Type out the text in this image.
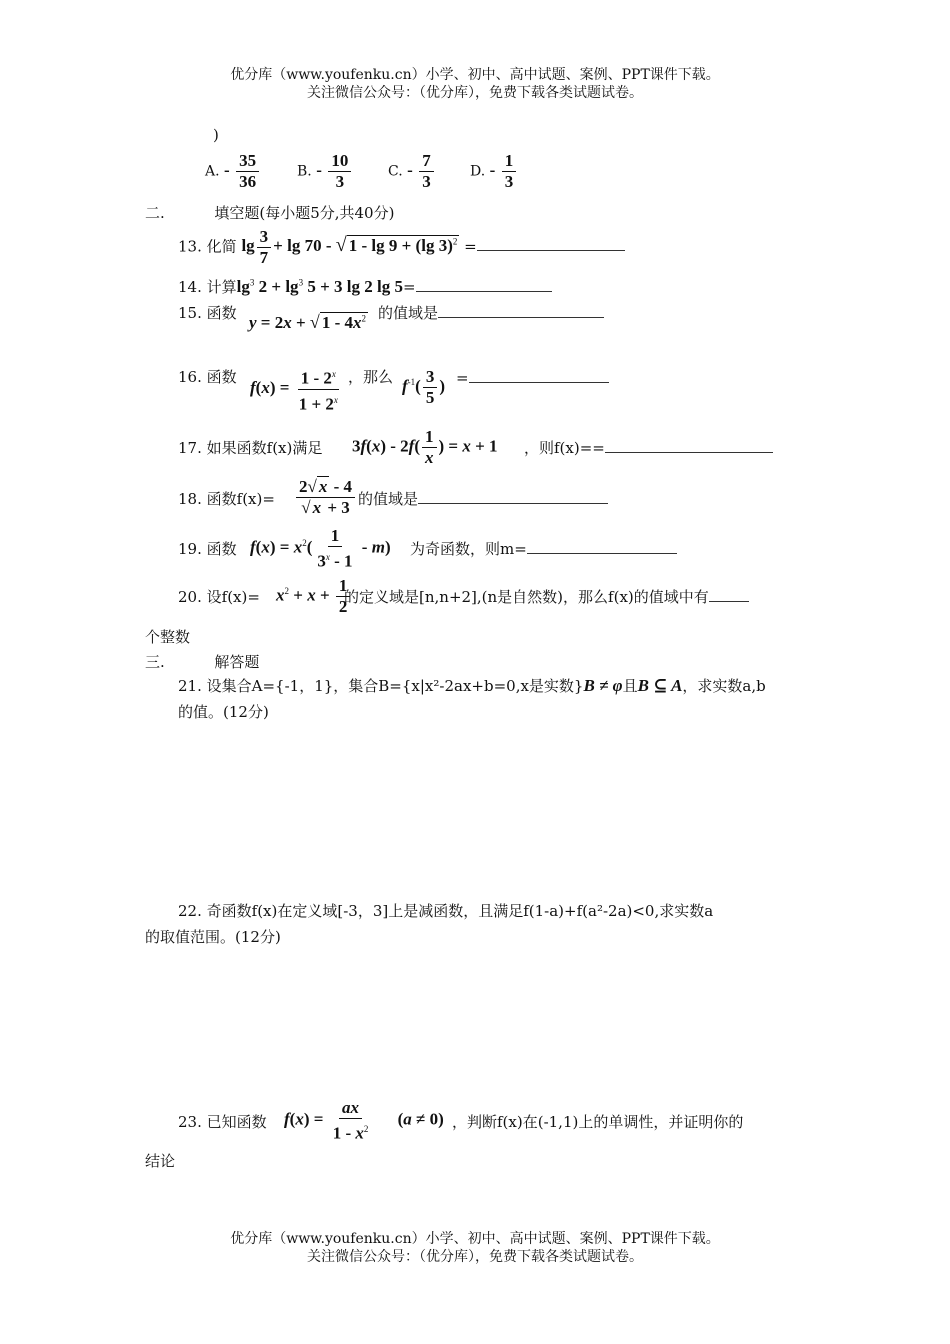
优分库（www.youfenku.cn）小学、初中、高中试题、案例、PPT课件下载。
关注微信公众号：（优分库），免费下载各类试题试卷。
)
A. - $\frac{35}{36}$	B. - $\frac{10}{3}$	C. - $\frac{7}{3}$	D. - $\frac{1}{3}$
二.	填空题(每小题5分,共40分)
13. 化简 $\lg \frac{3}{7} + \lg 70$ - √ 1 - lg 9 + (lg 3)$^2$ =
14. 计算$\lg^3 2 + \lg^3 5 + 3$ lg 2 lg 5=
15. 函数 y = 2x + √ $1 - 4x^2$ 的值域是
16. 函数
$f(x) = \frac{1 - 2^x}{1 + 2^x}$ ，那么 $f^{-1}( \frac{3}{5}$ ) =
17. 如果函数f(x)满足 $3f(x) - 2f( \frac{1}{x}$ ) = x + 1 ，则f(x)==
18. 函数$f(x)= \frac{2√ x - 4}{√ x + 3}$ 的值域是
19. 函数 $f(x) = x^2( \frac{1}{3^x - 1} - m)$ 为奇函数，则m=
20. 设$f(x)= x^2 + x + \frac{1}{2}$
的定义域是[n,n+2],(n是自然数)，那么f(x)的值域中有
个整数
三.	解答题
21. 设集合A={-1，1}，集合B={x|x²-2ax+b=0,x是实数}B ≠ φ且B ⊆ A，求实数a,b
的值。(12分)
22. 奇函数f(x)在定义域[-3，3]上是减函数，且满足f(1-a)+f(a²-2a)<0,求实数a
的取值范围。(12分)
23. 已知函数 $f(x) = \frac{ax}{1 - x^2} (a \ne 0)$ ，判断f(x)在(-1,1)上的单调性，并证明你的
结论
优分库（www.youfenku.cn）小学、初中、高中试题、案例、PPT课件下载。
关注微信公众号：（优分库），免费下载各类试题试卷。
